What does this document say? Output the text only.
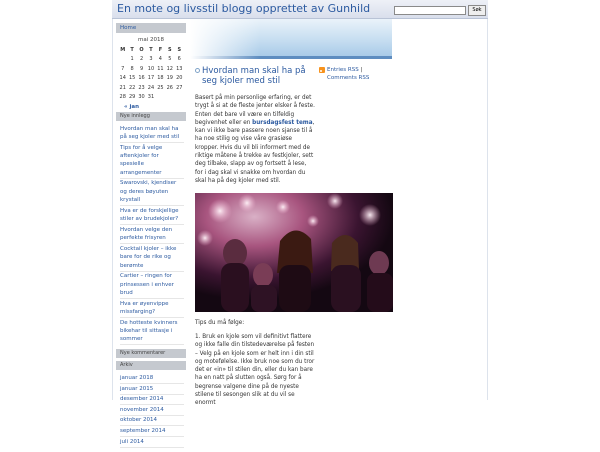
En mote og livsstil blogg opprettet av Gunhild	Søk
Home
mai 2018
M	T	O	T	F	S	S
	1	2	3	4	5	6
7	8	9	10	11	12	13
14	15	16	17	18	19	20
21	22	23	24	25	26	27
28	29	30	31			
« jan
Nye innlegg
Hvordan man skal ha på seg kjoler med stil
Tips for å velge aftenkjoler for spesielle arrangementer
Swarovski, kjendiser og deres bøyuten krystall
Hva er de forskjellige stiler av brudekjoler?
Hvordan velge den perfekte frisyren
Cocktail kjoler – ikke bare for de rike og berømte
Cartier – ringen for prinsessen i enhver brud
Hva er øyenvippe missfarging?
De hotteste kvinners bikehar til sittasje i sommer
Nye kommentarer
Arkiv
januar 2018
januar 2015
desember 2014
november 2014
oktober 2014
september 2014
juli 2014
Hvordan man skal ha på seg kjoler med stil
Basert på min personlige erfaring, er det trygt å si at de fleste jenter elsker å feste. Enten det bare vil være en tilfeldig begivenhet eller en bursdagsfest tema, kan vi ikke bare passere noen sjanse til å ha noe stilig og vise våre grasiøse kropper. Hvis du vil bli informert med de riktige måtene å trekke av festkjoler, sett deg tilbake, slapp av og fortsett å lese, for i dag skal vi snakke om hvordan du skal ha på deg kjoler med stil.
Tips du må følge:
1. Bruk en kjole som vil definitivt flattere og ikke falle din tilstedeværelse på festen – Velg på en kjole som er helt inn i din stil og motefølelse. Ikke bruk noe som du tror det er «in» til stilen din, eller du kan bare ha en natt på slutten også. Sørg for å begrense valgene dine på de nyeste stilene til sesongen slik at du vil se enormt
Entries RSS | Comments RSS
